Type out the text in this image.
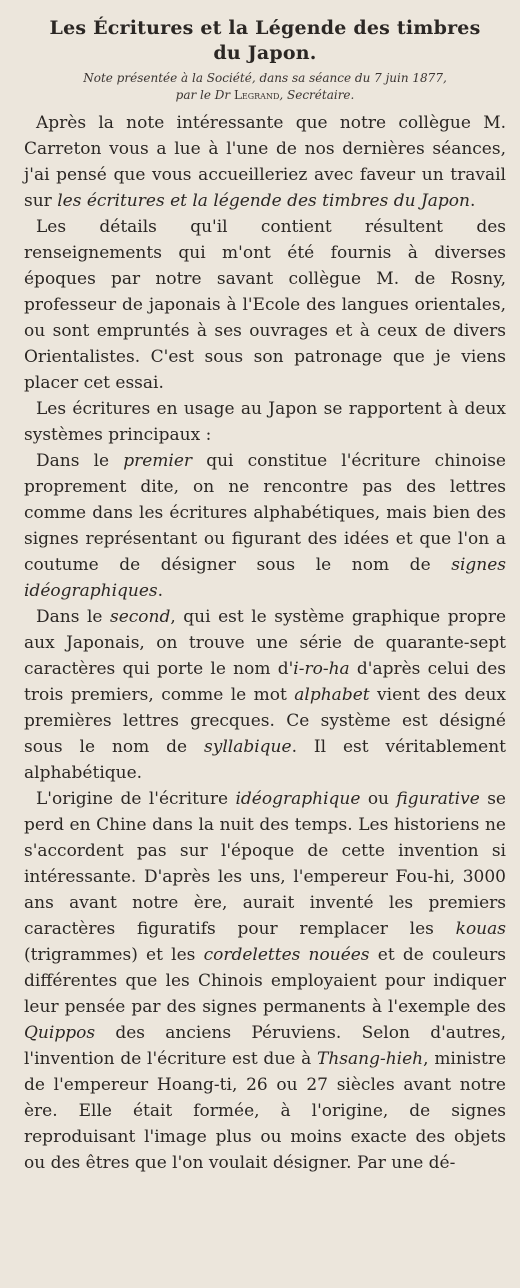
Les Écritures et la Légende des timbres
du Japon.
Note présentée à la Société, dans sa séance du 7 juin 1877,
par le Dr Legrand, Secrétaire.

Après la note intéressante que notre collègue M. Carreton vous a lue à l'une de nos dernières séances, j'ai pensé que vous accueilleriez avec faveur un travail sur les écritures et la légende des timbres du Japon.

Les détails qu'il contient résultent des renseignements qui m'ont été fournis à diverses époques par notre savant collègue M. de Rosny, professeur de japonais à l'Ecole des langues orientales, ou sont empruntés à ses ouvrages et à ceux de divers Orientalistes. C'est sous son patronage que je viens placer cet essai.

Les écritures en usage au Japon se rapportent à deux systèmes principaux :

Dans le premier qui constitue l'écriture chinoise proprement dite, on ne rencontre pas des lettres comme dans les écritures alphabétiques, mais bien des signes représentant ou figurant des idées et que l'on a coutume de désigner sous le nom de signes idéographiques.

Dans le second, qui est le système graphique propre aux Japonais, on trouve une série de quarante-sept caractères qui porte le nom d'i-ro-ha d'après celui des trois premiers, comme le mot alphabet vient des deux premières lettres grecques. Ce système est désigné sous le nom de syllabique. Il est véritablement alphabétique.

L'origine de l'écriture idéographique ou figurative se perd en Chine dans la nuit des temps. Les historiens ne s'accordent pas sur l'époque de cette invention si intéressante. D'après les uns, l'empereur Fou-hi, 3000 ans avant notre ère, aurait inventé les premiers caractères figuratifs pour remplacer les kouas (trigrammes) et les cordelettes nouées et de couleurs différentes que les Chinois employaient pour indiquer leur pensée par des signes permanents à l'exemple des Quippos des anciens Péruviens. Selon d'autres, l'invention de l'écriture est due à Thsang-hieh, ministre de l'empereur Hoang-ti, 26 ou 27 siècles avant notre ère. Elle était formée, à l'origine, de signes reproduisant l'image plus ou moins exacte des objets ou des êtres que l'on voulait désigner. Par une dé-
